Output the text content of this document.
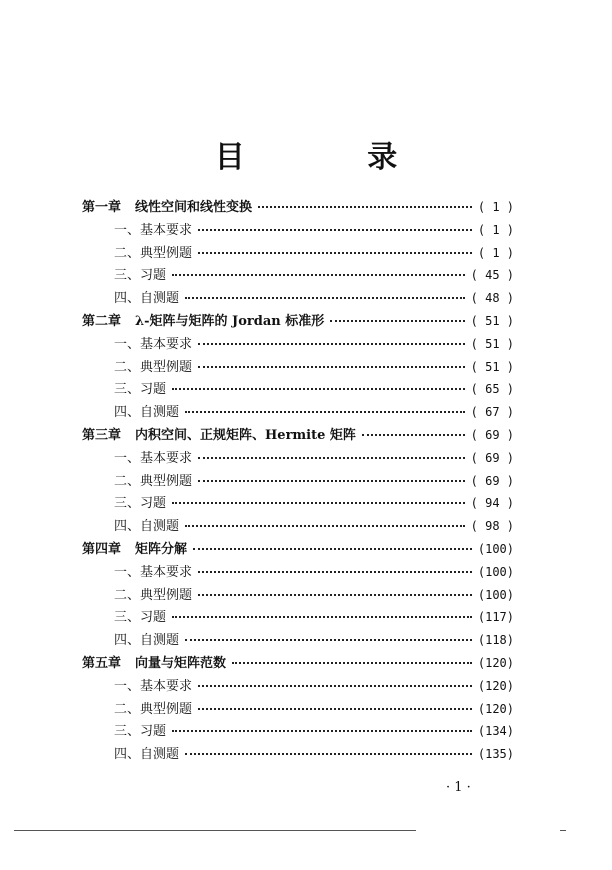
目 录
第一章 线性空间和线性变换	( 1 )
一、基本要求	( 1 )
二、典型例题	( 1 )
三、习题	( 45 )
四、自测题	( 48 )
第二章 λ-矩阵与矩阵的 Jordan 标准形	( 51 )
一、基本要求	( 51 )
二、典型例题	( 51 )
三、习题	( 65 )
四、自测题	( 67 )
第三章 内积空间、正规矩阵、Hermite 矩阵	( 69 )
一、基本要求	( 69 )
二、典型例题	( 69 )
三、习题	( 94 )
四、自测题	( 98 )
第四章 矩阵分解	(100)
一、基本要求	(100)
二、典型例题	(100)
三、习题	(117)
四、自测题	(118)
第五章 向量与矩阵范数	(120)
一、基本要求	(120)
二、典型例题	(120)
三、习题	(134)
四、自测题	(135)
· 1 ·
